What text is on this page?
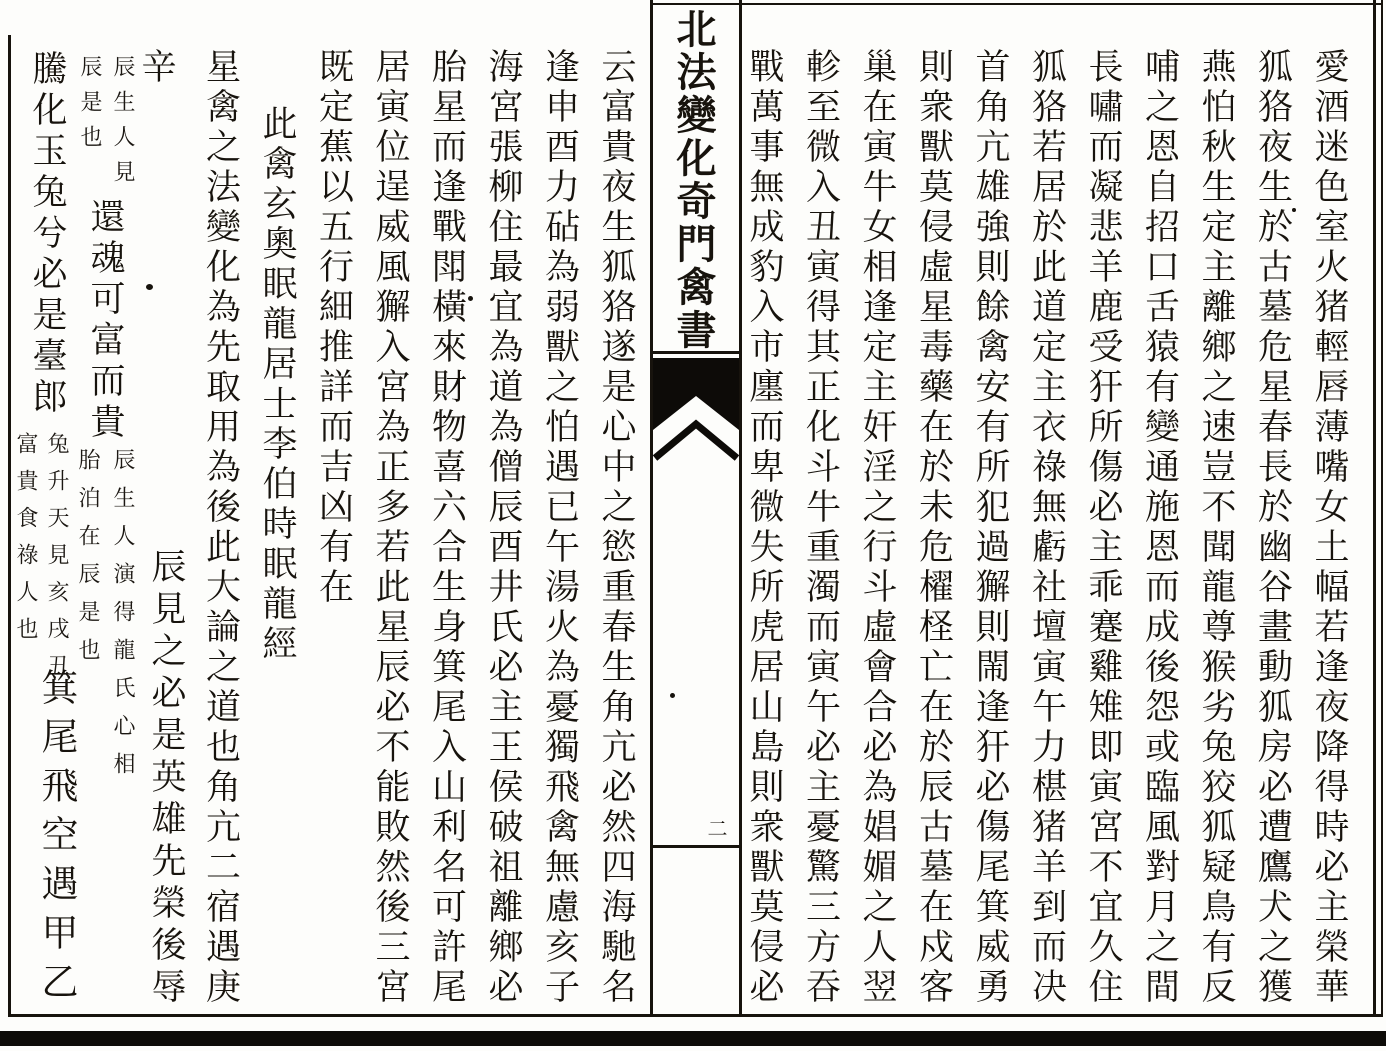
北法變化奇門禽書
二	愛酒迷色室火猪輕唇薄嘴女土幅若逢夜降得時必主榮華
狐狢夜生於古墓危星春長於幽谷畫動狐房必遭鷹犬之獲
燕怕秋生定主離鄉之速豈不聞龍尊猴劣兔狡狐疑鳥有反
哺之恩自招口舌猿有變通施恩而成後怨或臨風對月之間
長嘯而凝悲羊鹿受犴所傷必主乖蹇雞雉即寅宮不宜久住
狐狢若居於此道定主衣祿無虧社壇寅午力椹猪羊到而决
首角亢雄強則餘禽安有所犯過獬則閙逢犴必傷尾箕威勇
則衆獸莫侵虛星毒藥在於未危櫂柽亡在於辰古墓在戍客
巢在寅牛女相逢定主奸淫之行斗虛會合必為娼媚之人翌
軫至微入丑寅得其正化斗牛重濁而寅午必主憂驚三方吞
戰萬事無成豹入市廛而卑微失所虎居山島則衆獸莫侵必
云富貴夜生狐狢遂是心中之慾重春生角亢必然四海馳名
逢申酉力砧為弱獸之怕遇已午湯火為憂獨飛禽無慮亥子
海宮張柳住最宜為道為僧辰酉井氏必主王侯破祖離鄉必
胎星而逢戰閗橫來財物喜六合生身箕尾入山利名可許尾
居寅位逞威風獬入宮為正多若此星辰必不能敗然後三宮
既定蕉以五行細推詳而吉凶有在
此禽玄奧眠龍居士李伯時眠龍經
星禽之法變化為先取用為後此大論之道也角亢二宿遇庚
辛
辰見之必是英雄先榮後辱
辰生人見
辰是也
還魂可富而貴
辰生人演得龍氏心相
胎泊在辰是也
騰化玉兔兮必是臺郎
兔升天見亥戌丑
富貴食祿人也
箕尾飛空遇甲乙
